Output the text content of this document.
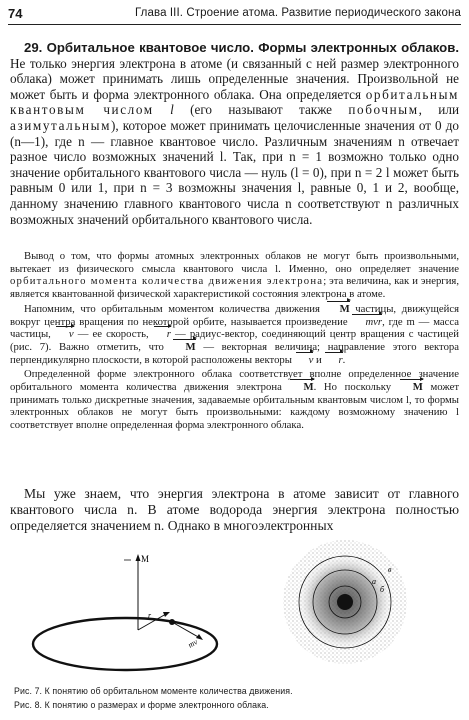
74	Глава III. Строение атома. Развитие периодического закона

29. Орбитальное квантовое число. Формы электронных облаков. Не только энергия электрона в атоме (и связанный с ней размер электронного облака) может принимать лишь определенные значения. Произвольной не может быть и форма электронного облака. Она определяется орбитальным квантовым числом l (его называют также побочным, или азимутальным), которое может принимать целочисленные значения от 0 до (n—1), где n — главное квантовое число. Различным значениям n отвечает разное число возможных значений l. Так, при n = 1 возможно только одно значение орбитального квантового числа — нуль (l = 0), при n = 2 l может быть равным 0 или 1, при n = 3 возможны значения l, равные 0, 1 и 2, вообще, данному значению главного квантового числа n соответствуют n различных возможных значений орбитального квантового числа.

Вывод о том, что формы атомных электронных облаков не могут быть произвольными, вытекает из физического смысла квантового числа l. Именно, оно определяет значение орбитального момента количества движения электрона; эта величина, как и энергия, является квантованной физической характеристикой состояния электрона в атоме.

Напомним, что орбитальным моментом количества движения M частицы, движущейся вокруг центра вращения по некоторой орбите, называется произведение mvr, где m — масса частицы, v — ее скорость, r — радиус-вектор, соединяющий центр вращения с частицей (рис. 7). Важно отметить, что M — векторная величина; направление этого вектора перпендикулярно плоскости, в которой расположены векторы v и r.

Определенной форме электронного облака соответствует вполне определенное значение орбитального момента количества движения электрона M. Но поскольку M может принимать только дискретные значения, задаваемые орбитальным квантовым числом l, то формы электронных облаков не могут быть произвольными: каждому возможному значению l соответствует вполне определенная форма электронного облака.

Мы уже знаем, что энергия электрона в атоме зависит от главного квантового числа n. В атоме водорода энергия электрона полностью определяется значением n. Однако в многоэлектронных

M
r
mv
a
б
в
Рис. 7. К понятию об орбитальном моменте количества движения.
Рис. 8. К понятию о размерах и форме электронного облака.
